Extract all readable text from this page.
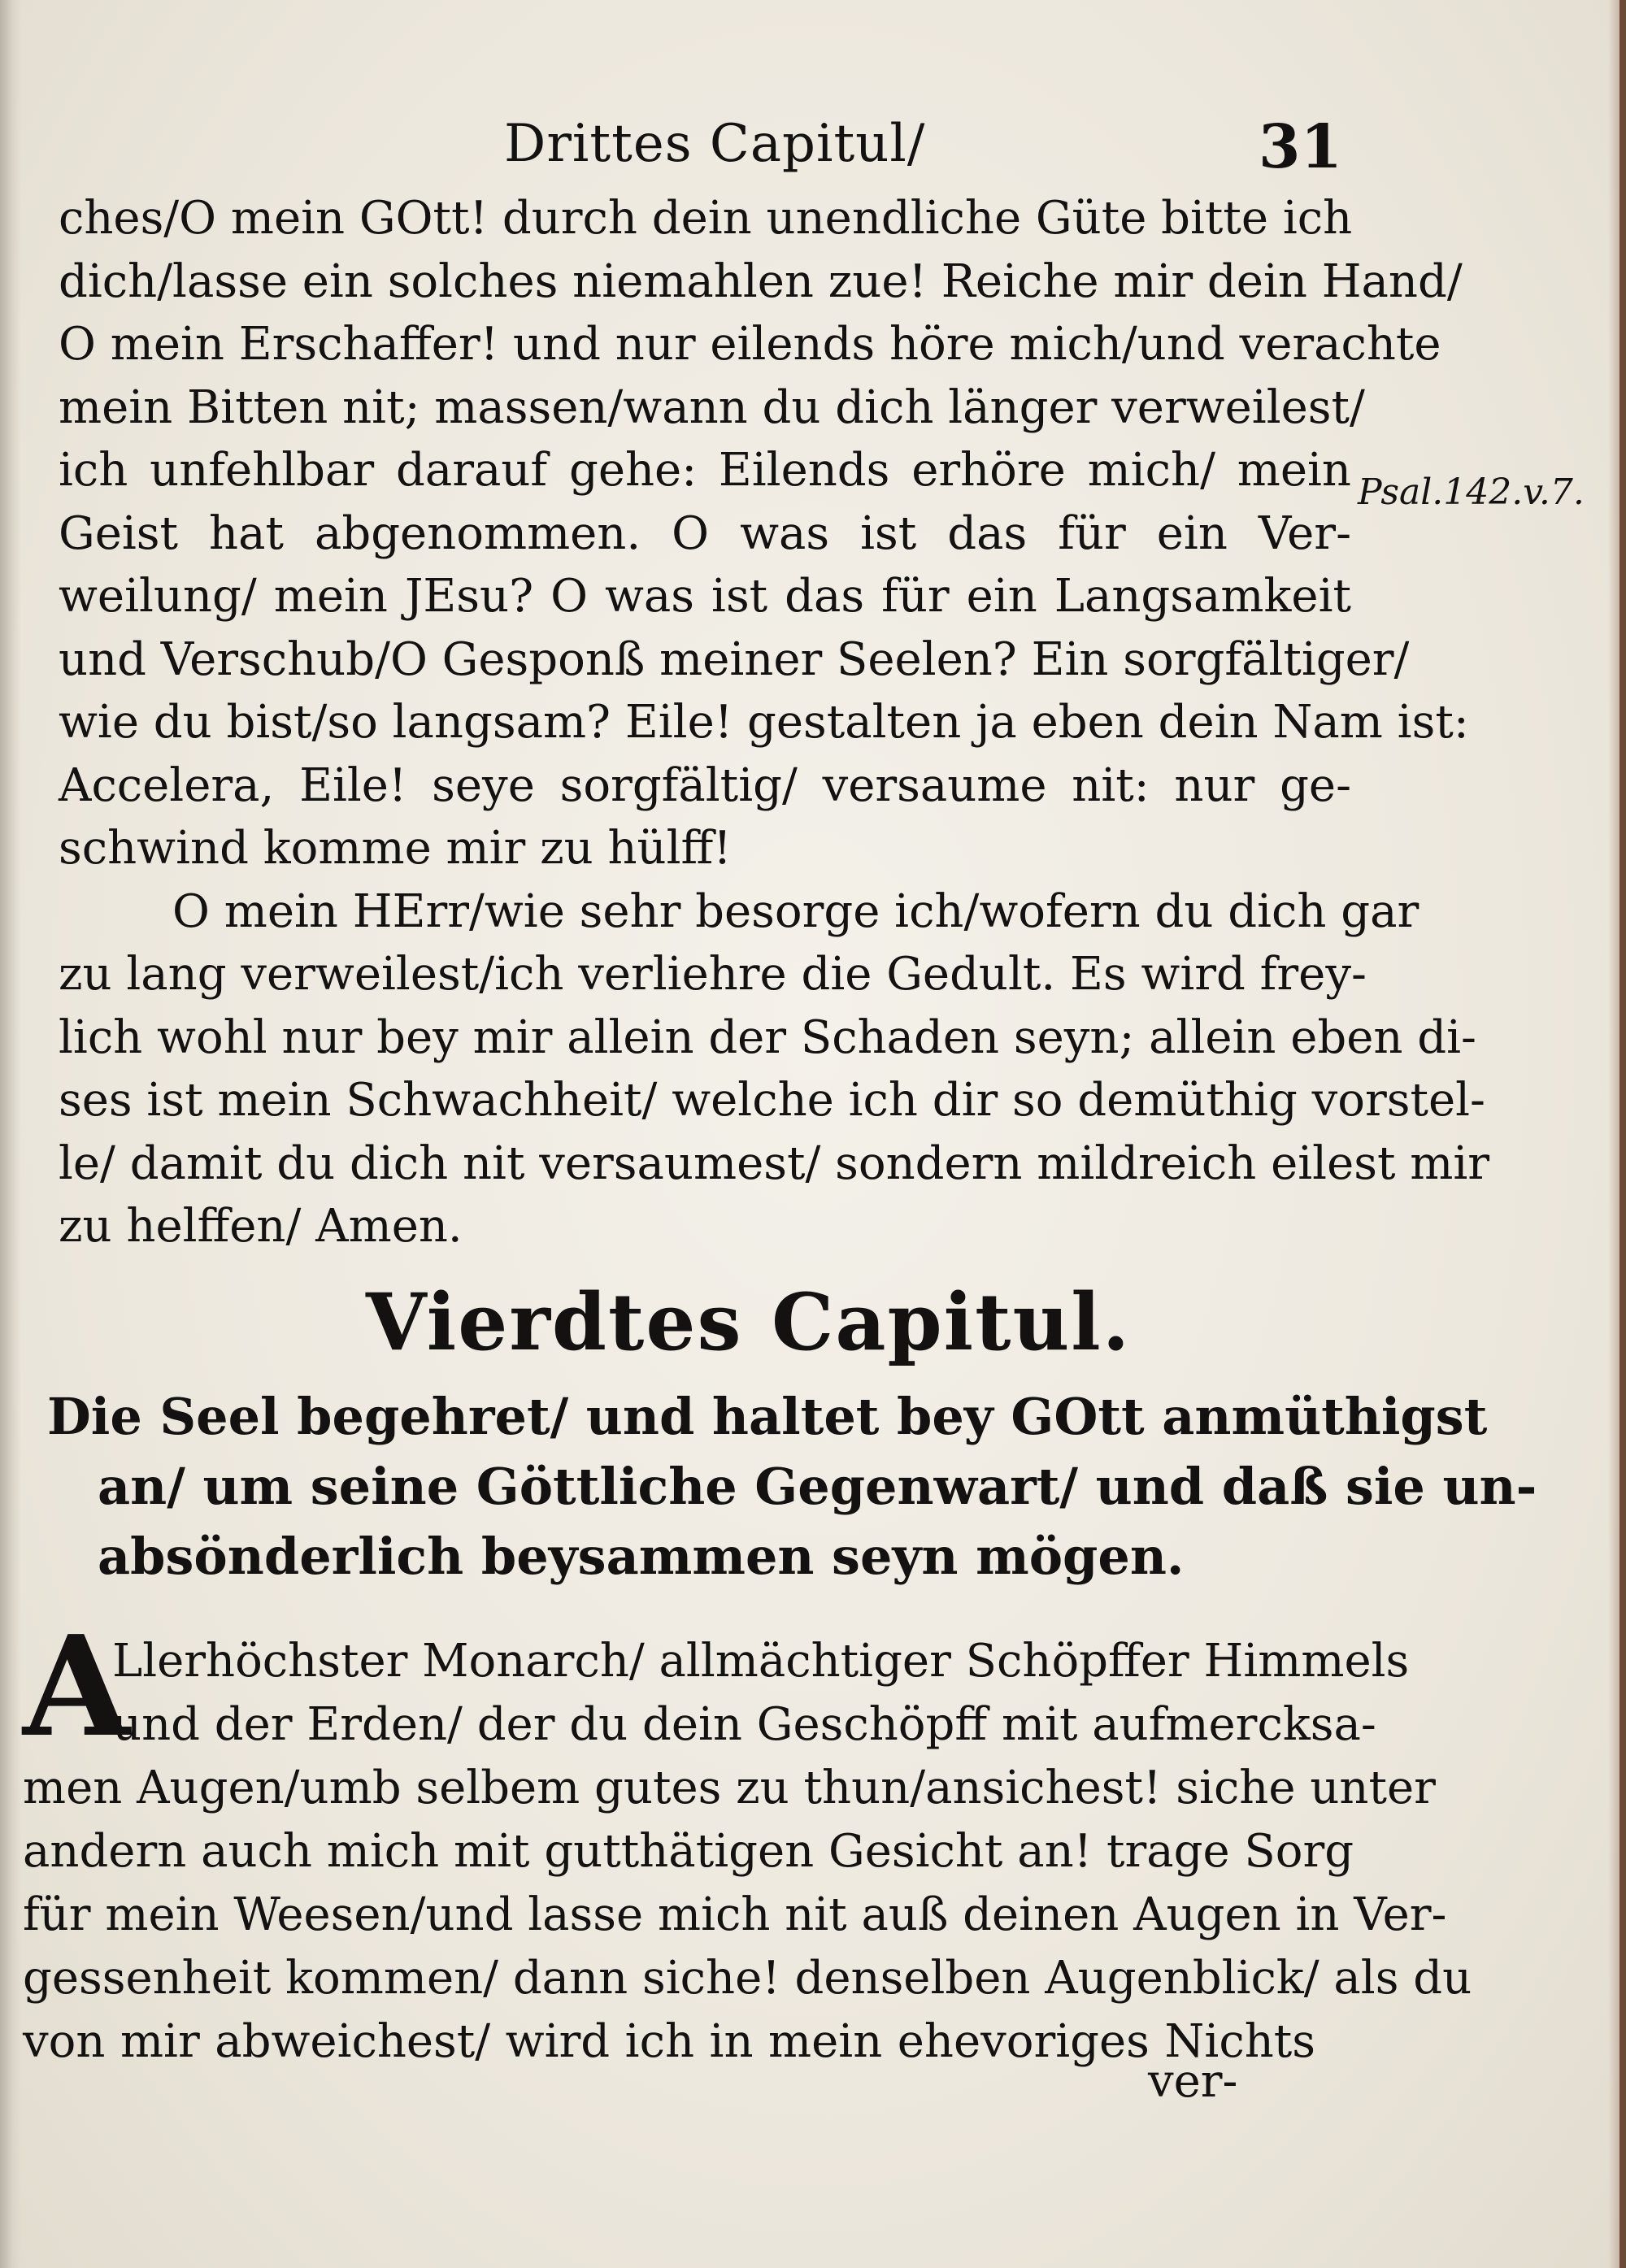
Drittes Capitul/	31
ches/O mein GOtt! durch dein unendliche Güte bitte ich
dich/lasse ein solches niemahlen zue! Reiche mir dein Hand/
O mein Erschaffer! und nur eilends höre mich/und verachte
mein Bitten nit; massen/wann du dich länger verweilest/
ich unfehlbar darauf gehe: Eilends erhöre mich/ mein
Geist hat abgenommen. O was ist das für ein Ver-
weilung/ mein JEsu? O was ist das für ein Langsamkeit
und Verschub/O Gesponß meiner Seelen? Ein sorgfältiger/
wie du bist/so langsam? Eile! gestalten ja eben dein Nam ist:
Accelera, Eile! seye sorgfältig/ versaume nit: nur ge-
schwind komme mir zu hülff!
O mein HErr/wie sehr besorge ich/wofern du dich gar
zu lang verweilest/ich verliehre die Gedult. Es wird frey-
lich wohl nur bey mir allein der Schaden seyn; allein eben di-
ses ist mein Schwachheit/ welche ich dir so demüthig vorstel-
le/ damit du dich nit versaumest/ sondern mildreich eilest mir
zu helffen/ Amen.
Psal.142.v.7.
Vierdtes Capitul.
Die Seel begehret/ und haltet bey GOtt anmüthigst
an/ um seine Göttliche Gegenwart/ und daß sie un-
absönderlich beysammen seyn mögen.
A
Llerhöchster Monarch/ allmächtiger Schöpffer Himmels
und der Erden/ der du dein Geschöpff mit aufmercksa-
men Augen/umb selbem gutes zu thun/ansichest! siche unter
andern auch mich mit gutthätigen Gesicht an! trage Sorg
für mein Weesen/und lasse mich nit auß deinen Augen in Ver-
gessenheit kommen/ dann siche! denselben Augenblick/ als du
von mir abweichest/ wird ich in mein ehevoriges Nichts
ver-
